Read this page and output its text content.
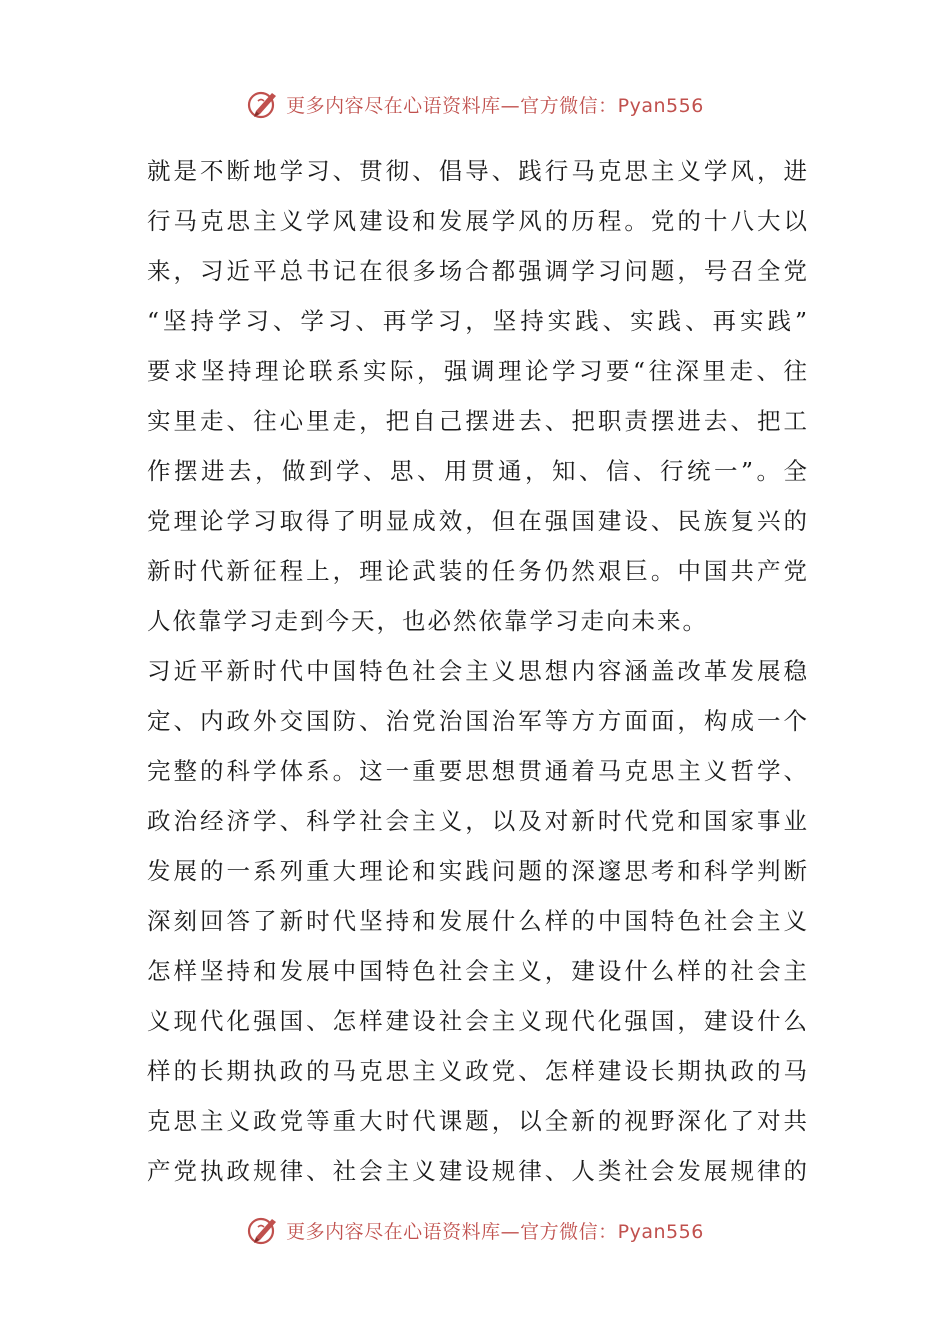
更多内容尽在心语资料库—官方微信：Pyan556
就是不断地学习、贯彻、倡导、践行马克思主义学风，进
行马克思主义学风建设和发展学风的历程。党的十八大以
来，习近平总书记在很多场合都强调学习问题，号召全党
“坚持学习、学习、再学习，坚持实践、实践、再实践”
要求坚持理论联系实际，强调理论学习要“往深里走、往
实里走、往心里走，把自己摆进去、把职责摆进去、把工
作摆进去，做到学、思、用贯通，知、信、行统一”。全
党理论学习取得了明显成效，但在强国建设、民族复兴的
新时代新征程上，理论武装的任务仍然艰巨。中国共产党
人依靠学习走到今天，也必然依靠学习走向未来。
习近平新时代中国特色社会主义思想内容涵盖改革发展稳
定、内政外交国防、治党治国治军等方方面面，构成一个
完整的科学体系。这一重要思想贯通着马克思主义哲学、
政治经济学、科学社会主义，以及对新时代党和国家事业
发展的一系列重大理论和实践问题的深邃思考和科学判断
深刻回答了新时代坚持和发展什么样的中国特色社会主义
怎样坚持和发展中国特色社会主义，建设什么样的社会主
义现代化强国、怎样建设社会主义现代化强国，建设什么
样的长期执政的马克思主义政党、怎样建设长期执政的马
克思主义政党等重大时代课题，以全新的视野深化了对共
产党执政规律、社会主义建设规律、人类社会发展规律的
更多内容尽在心语资料库—官方微信：Pyan556
